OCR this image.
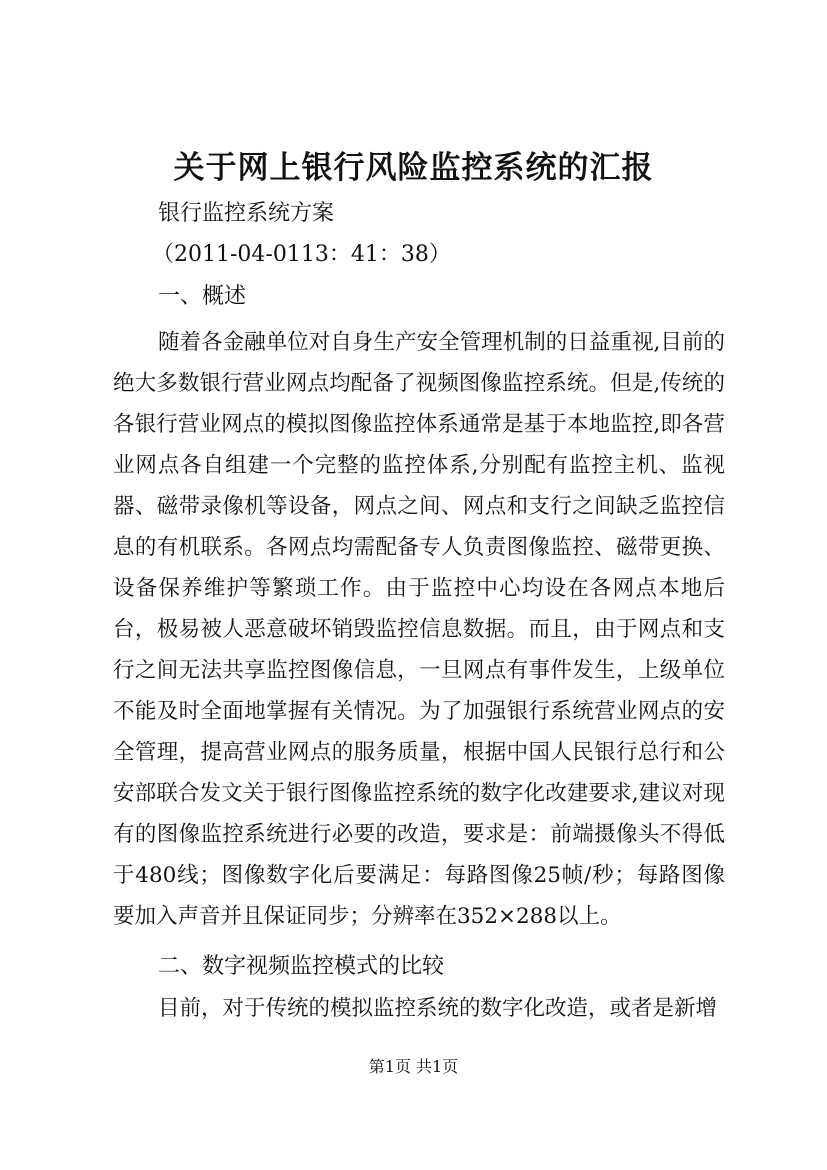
关于网上银行风险监控系统的汇报
银行监控系统方案
（2011-04-0113：41：38）
一、概述

随着各金融单位对自身生产安全管理机制的日益重视,目前的绝大多数银行营业网点均配备了视频图像监控系统。但是,传统的各银行营业网点的模拟图像监控体系通常是基于本地监控,即各营业网点各自组建一个完整的监控体系,分别配有监控主机、监视器、磁带录像机等设备，网点之间、网点和支行之间缺乏监控信息的有机联系。各网点均需配备专人负责图像监控、磁带更换、设备保养维护等繁琐工作。由于监控中心均设在各网点本地后台，极易被人恶意破坏销毁监控信息数据。而且，由于网点和支行之间无法共享监控图像信息，一旦网点有事件发生，上级单位不能及时全面地掌握有关情况。为了加强银行系统营业网点的安全管理，提高营业网点的服务质量，根据中国人民银行总行和公安部联合发文关于银行图像监控系统的数字化改建要求,建议对现有的图像监控系统进行必要的改造，要求是：前端摄像头不得低于480线；图像数字化后要满足：每路图像25帧/秒；每路图像要加入声音并且保证同步；分辨率在352×288以上。

二、数字视频监控模式的比较

目前，对于传统的模拟监控系统的数字化改造，或者是新增

第1页 共1页
